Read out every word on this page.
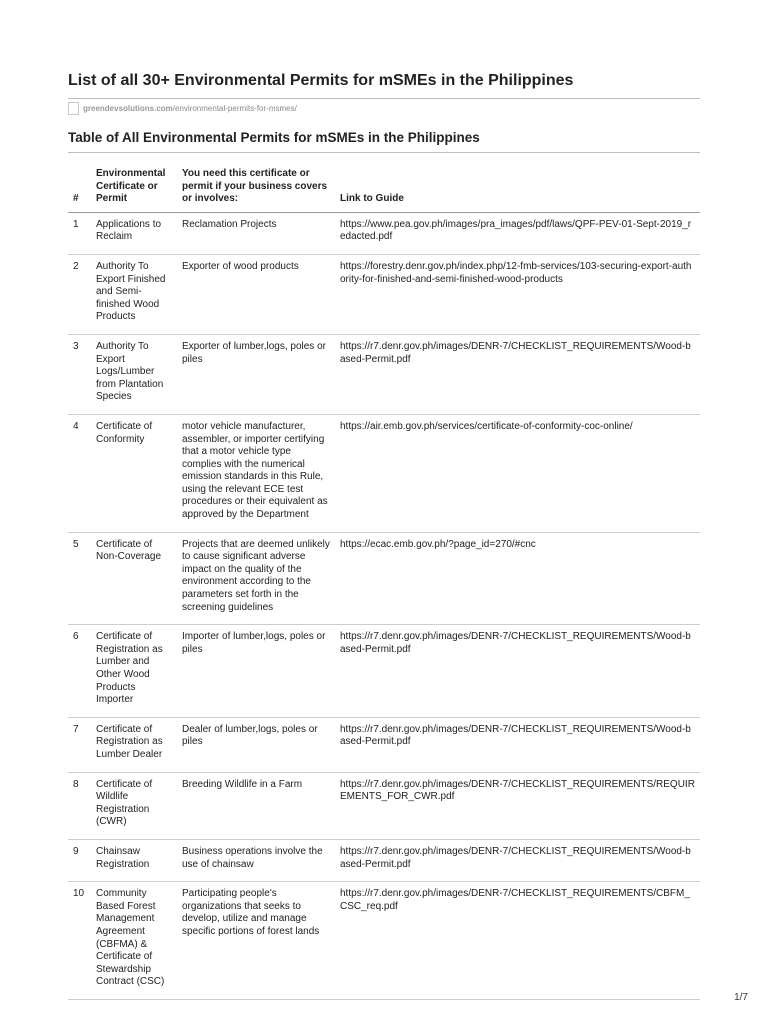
List of all 30+ Environmental Permits for mSMEs in the Philippines
greendevsolutions.com /environmental-permits-for-msmes/
Table of All Environmental Permits for mSMEs in the Philippines
#	Environmental Certificate or Permit	You need this certificate or permit if your business covers or involves:	Link to Guide
1	Applications to Reclaim	Reclamation Projects	https://www.pea.gov.ph/images/pra_images/pdf/laws/QPF-PEV-01-Sept-2019_redacted.pdf
2	Authority To Export Finished and Semi-finished Wood Products	Exporter of wood products	https://forestry.denr.gov.ph/index.php/12-fmb-services/103-securing-export-authority-for-finished-and-semi-finished-wood-products
3	Authority To Export Logs/Lumber from Plantation Species	Exporter of lumber,logs, poles or piles	https://r7.denr.gov.ph/images/DENR-7/CHECKLIST_REQUIREMENTS/Wood-based-Permit.pdf
4	Certificate of Conformity	motor vehicle manufacturer, assembler, or importer certifying that a motor vehicle type complies with the numerical emission standards in this Rule, using the relevant ECE test procedures or their equivalent as approved by the Department	https://air.emb.gov.ph/services/certificate-of-conformity-coc-online/
5	Certificate of Non-Coverage	Projects that are deemed unlikely to cause significant adverse impact on the quality of the environment according to the parameters set forth in the screening guidelines	https://ecac.emb.gov.ph/?page_id=270/#cnc
6	Certificate of Registration as Lumber and Other Wood Products Importer	Importer of lumber,logs, poles or piles	https://r7.denr.gov.ph/images/DENR-7/CHECKLIST_REQUIREMENTS/Wood-based-Permit.pdf
7	Certificate of Registration as Lumber Dealer	Dealer of lumber,logs, poles or piles	https://r7.denr.gov.ph/images/DENR-7/CHECKLIST_REQUIREMENTS/Wood-based-Permit.pdf
8	Certificate of Wildlife Registration (CWR)	Breeding Wildlife in a Farm	https://r7.denr.gov.ph/images/DENR-7/CHECKLIST_REQUIREMENTS/REQUIREMENTS_FOR_CWR.pdf
9	Chainsaw Registration	Business operations involve the use of chainsaw	https://r7.denr.gov.ph/images/DENR-7/CHECKLIST_REQUIREMENTS/Wood-based-Permit.pdf
10	Community Based Forest Management Agreement (CBFMA) & Certificate of Stewardship Contract (CSC)	Participating people's organizations that seeks to develop, utilize and manage specific portions of forest lands	https://r7.denr.gov.ph/images/DENR-7/CHECKLIST_REQUIREMENTS/CBFM_CSC_req.pdf
1/7
